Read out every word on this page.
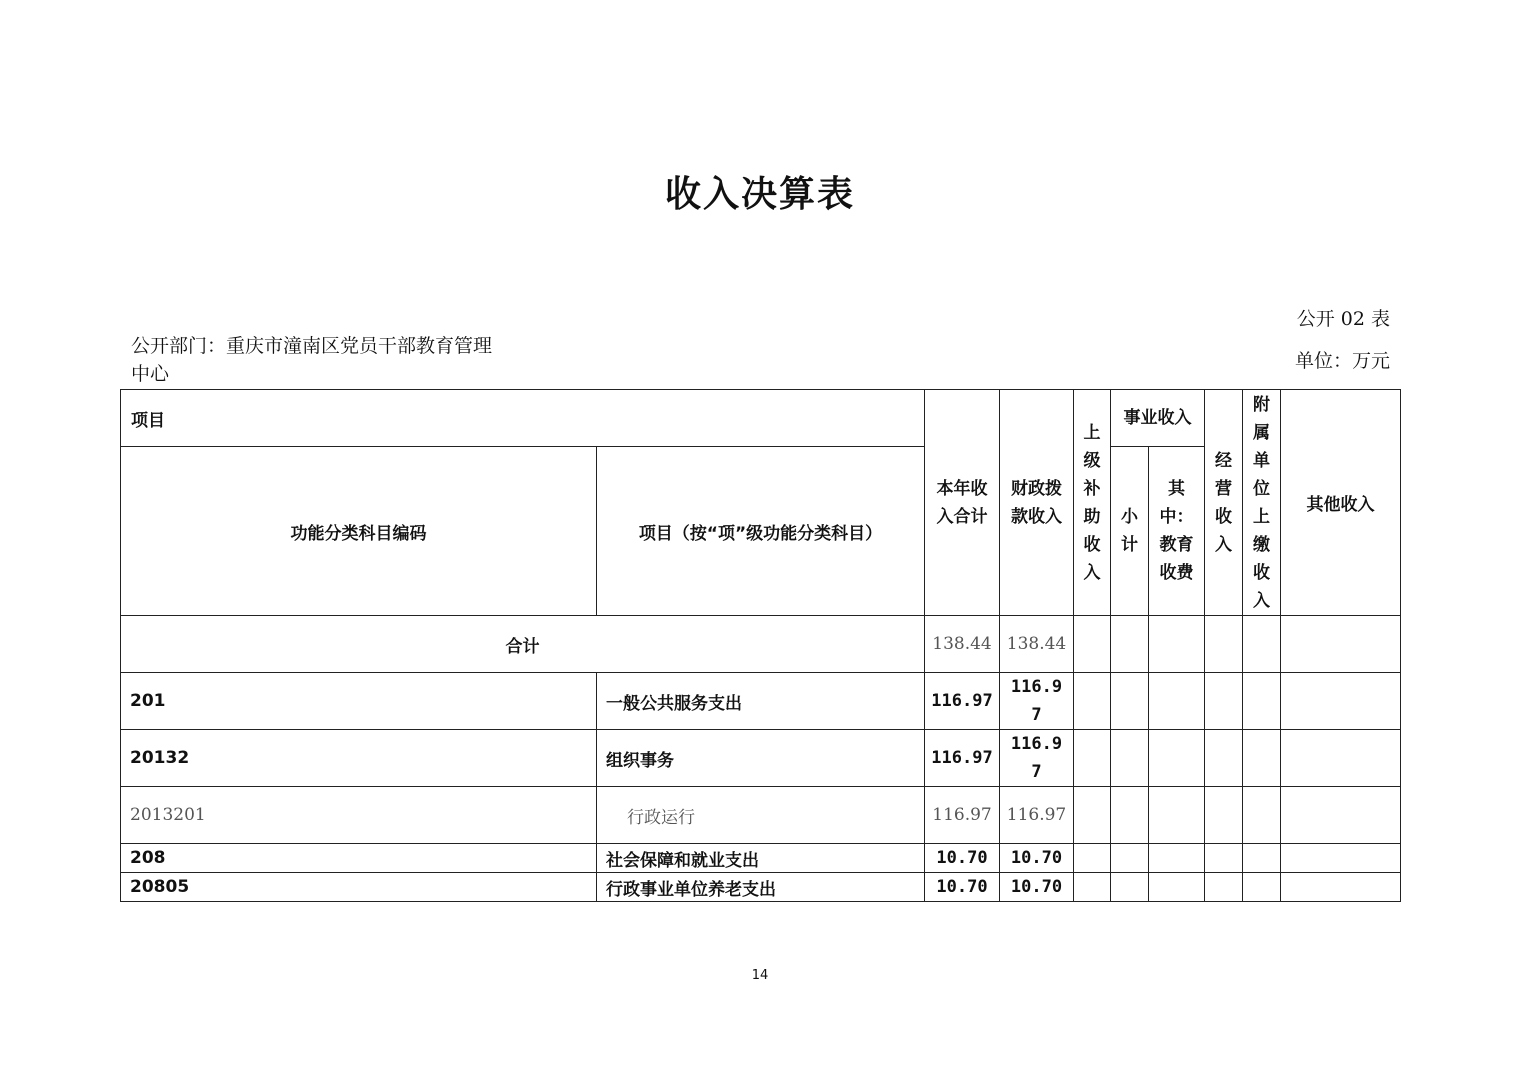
收入决算表
公开 02 表
公开部门：重庆市潼南区党员干部教育管理
中心
单位：万元
项目		本年收入合计	财政拨款收入	上级补助收入	事业收入		经营收入	附属单位上缴收入	其他收入
功能分类科目编码	项目（按“项”级功能分类科目）				小计	其中：教育收费			
合计		138.44	138.44						
201	一般公共服务支出	116.97	116.97						
20132	组织事务	116.97	116.97						
2013201	行政运行	116.97	116.97						
208	社会保障和就业支出	10.70	10.70						
20805	行政事业单位养老支出	10.70	10.70						
14
